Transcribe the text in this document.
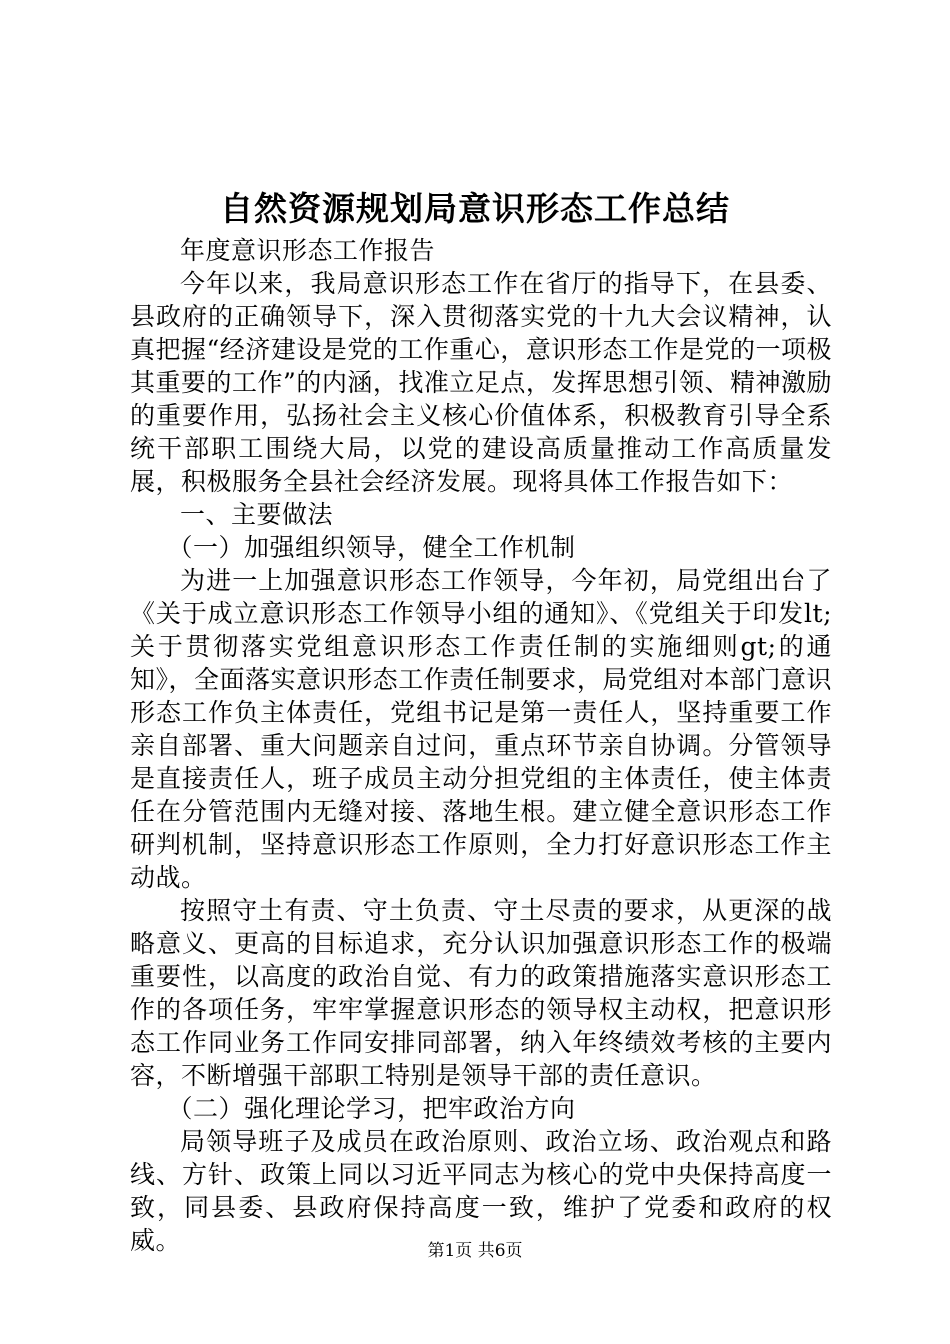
自然资源规划局意识形态工作总结

年度意识形态工作报告

今年以来，我局意识形态工作在省厅的指导下，在县委、县政府的正确领导下，深入贯彻落实党的十九大会议精神，认真把握“经济建设是党的工作重心，意识形态工作是党的一项极其重要的工作”的内涵，找准立足点，发挥思想引领、精神激励的重要作用，弘扬社会主义核心价值体系，积极教育引导全系统干部职工围绕大局，以党的建设高质量推动工作高质量发展，积极服务全县社会经济发展。现将具体工作报告如下：

一、主要做法

（一）加强组织领导，健全工作机制

为进一上加强意识形态工作领导，今年初，局党组出台了《关于成立意识形态工作领导小组的通知》、《党组关于印发lt;关于贯彻落实党组意识形态工作责任制的实施细则gt;的通知》，全面落实意识形态工作责任制要求，局党组对本部门意识形态工作负主体责任，党组书记是第一责任人，坚持重要工作亲自部署、重大问题亲自过问，重点环节亲自协调。分管领导是直接责任人，班子成员主动分担党组的主体责任，使主体责任在分管范围内无缝对接、落地生根。建立健全意识形态工作研判机制，坚持意识形态工作原则，全力打好意识形态工作主动战。

按照守土有责、守土负责、守土尽责的要求，从更深的战略意义、更高的目标追求，充分认识加强意识形态工作的极端重要性，以高度的政治自觉、有力的政策措施落实意识形态工作的各项任务，牢牢掌握意识形态的领导权主动权，把意识形态工作同业务工作同安排同部署，纳入年终绩效考核的主要内容，不断增强干部职工特别是领导干部的责任意识。

（二）强化理论学习，把牢政治方向

局领导班子及成员在政治原则、政治立场、政治观点和路线、方针、政策上同以习近平同志为核心的党中央保持高度一致，同县委、县政府保持高度一致，维护了党委和政府的权威。	第1页 共6页
